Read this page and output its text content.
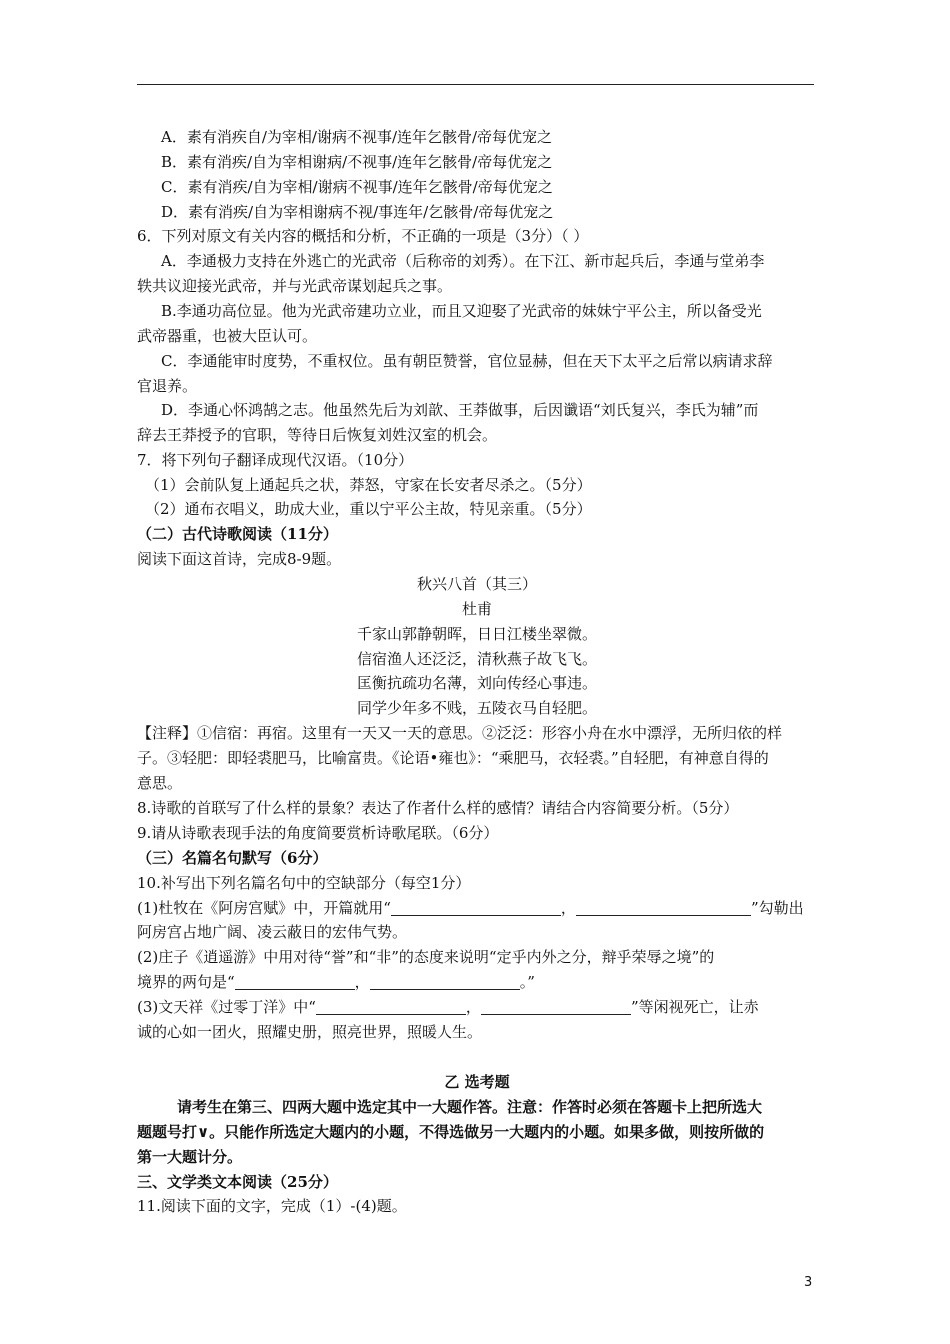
A．素有消疾自/为宰相/谢病不视事/连年乞骸骨/帝每优宠之
B．素有消疾/自为宰相谢病/不视事/连年乞骸骨/帝每优宠之
C．素有消疾/自为宰相/谢病不视事/连年乞骸骨/帝每优宠之
D．素有消疾/自为宰相谢病不视/事连年/乞骸骨/帝每优宠之
6．下列对原文有关内容的概括和分析，不正确的一项是（3分）（ ）
A．李通极力支持在外逃亡的光武帝（后称帝的刘秀）。在下江、新市起兵后，李通与堂弟李
轶共议迎接光武帝，并与光武帝谋划起兵之事。
B.李通功高位显。他为光武帝建功立业，而且又迎娶了光武帝的妹妹宁平公主，所以备受光
武帝器重，也被大臣认可。
C．李通能审时度势，不重权位。虽有朝臣赞誉，官位显赫，但在天下太平之后常以病请求辞
官退养。
D．李通心怀鸿鹄之志。他虽然先后为刘歆、王莽做事，后因谶语“刘氏复兴，李氏为辅”而
辞去王莽授予的官职，等待日后恢复刘姓汉室的机会。
7．将下列句子翻译成现代汉语。（10分）
（1）会前队复上通起兵之状，莽怒，守家在长安者尽杀之。（5分）
（2）通布衣唱义，助成大业，重以宁平公主故，特见亲重。（5分）
（二）古代诗歌阅读（11分）
阅读下面这首诗，完成8-9题。
秋兴八首（其三）
杜甫
千家山郭静朝晖，日日江楼坐翠微。
信宿渔人还泛泛，清秋燕子故飞飞。
匡衡抗疏功名薄，刘向传经心事违。
同学少年多不贱，五陵衣马自轻肥。
【注释】①信宿：再宿。这里有一天又一天的意思。②泛泛：形容小舟在水中漂浮，无所归依的样
子。③轻肥：即轻裘肥马，比喻富贵。《论语•雍也》：“乘肥马，衣轻裘。”自轻肥，有神意自得的
意思。
8.诗歌的首联写了什么样的景象？表达了作者什么样的感情？请结合内容简要分析。（5分）
9.请从诗歌表现手法的角度简要赏析诗歌尾联。（6分）
（三）名篇名句默写（6分）
10.补写出下列名篇名句中的空缺部分（每空1分）
(1)杜牧在《阿房宫赋》中，开篇就用“	，	”勾勒出
阿房宫占地广阔、凌云蔽日的宏伟气势。
(2)庄子《逍遥游》中用对待“誉”和“非”的态度来说明“定乎内外之分，辩乎荣辱之境”的
境界的两句是“	，	。”
(3)文天祥《过零丁洋》中“	，	”等闲视死亡，让赤
诚的心如一团火，照耀史册，照亮世界，照暖人生。
乙 选考题
请考生在第三、四两大题中选定其中一大题作答。注意：作答时必须在答题卡上把所选大
题题号打∨。只能作所选定大题内的小题，不得选做另一大题内的小题。如果多做，则按所做的
第一大题计分。
三、文学类文本阅读（25分）
11.阅读下面的文字，完成（1）-(4)题。
3
